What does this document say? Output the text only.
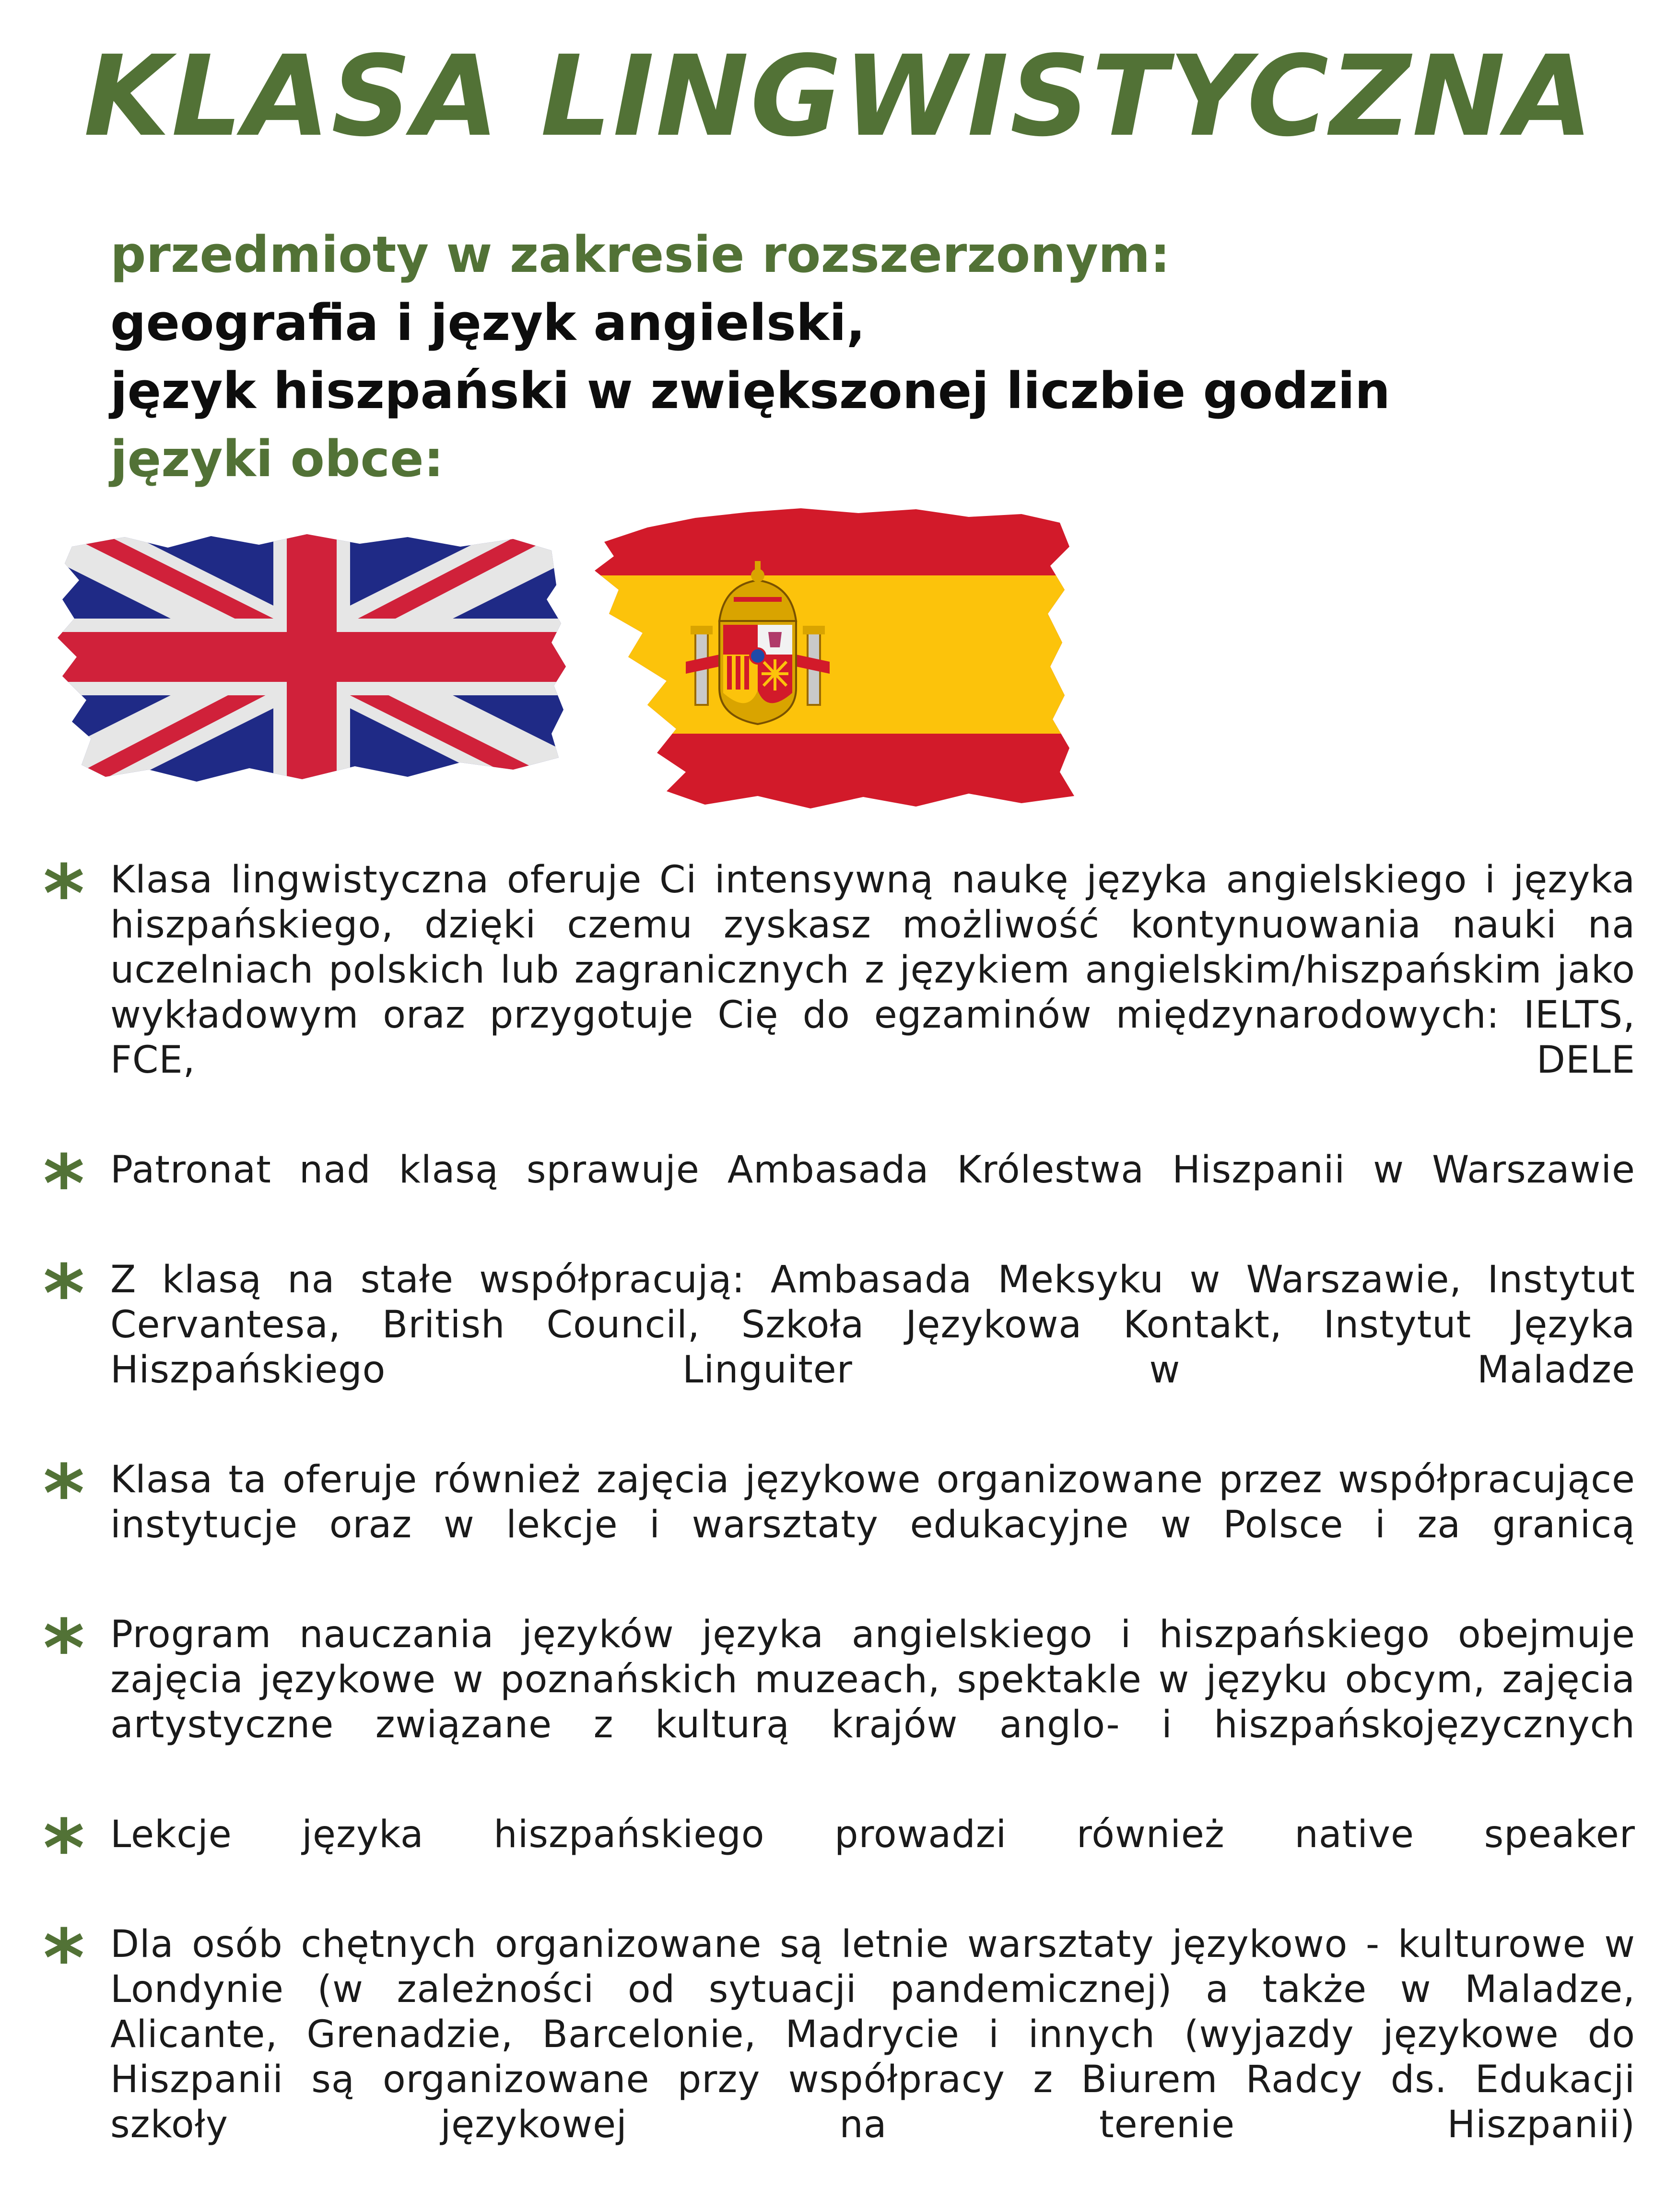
KLASA LINGWISTYCZNA
przedmioty w zakresie rozszerzonym:
geografia i język angielski,
język hiszpański w zwiększonej liczbie godzin
języki obce:
* Klasa lingwistyczna oferuje Ci intensywną naukę języka angielskiego i języka hiszpańskiego, dzięki czemu zyskasz możliwość kontynuowania nauki na uczelniach polskich lub zagranicznych z językiem angielskim/hiszpańskim jako wykładowym oraz przygotuje Cię do egzaminów międzynarodowych: IELTS, FCE, DELE
* Patronat nad klasą sprawuje Ambasada Królestwa Hiszpanii w Warszawie
* Z klasą na stałe współpracują: Ambasada Meksyku w Warszawie, Instytut Cervantesa, British Council, Szkoła Językowa Kontakt, Instytut Języka Hiszpańskiego Linguiter w Maladze
* Klasa ta oferuje również zajęcia językowe organizowane przez współpracujące instytucje oraz w lekcje i warsztaty edukacyjne w Polsce i za granicą
* Program nauczania języków języka angielskiego i hiszpańskiego obejmuje zajęcia językowe w poznańskich muzeach, spektakle w języku obcym, zajęcia artystyczne związane z kulturą krajów anglo- i hiszpańskojęzycznych
* Lekcje języka hiszpańskiego prowadzi również native speaker
* Dla osób chętnych organizowane są letnie warsztaty językowo - kulturowe w Londynie (w zależności od sytuacji pandemicznej) a także w Maladze, Alicante, Grenadzie, Barcelonie, Madrycie i innych (wyjazdy językowe do Hiszpanii są organizowane przy współpracy z Biurem Radcy ds. Edukacji szkoły językowej na terenie Hiszpanii)
